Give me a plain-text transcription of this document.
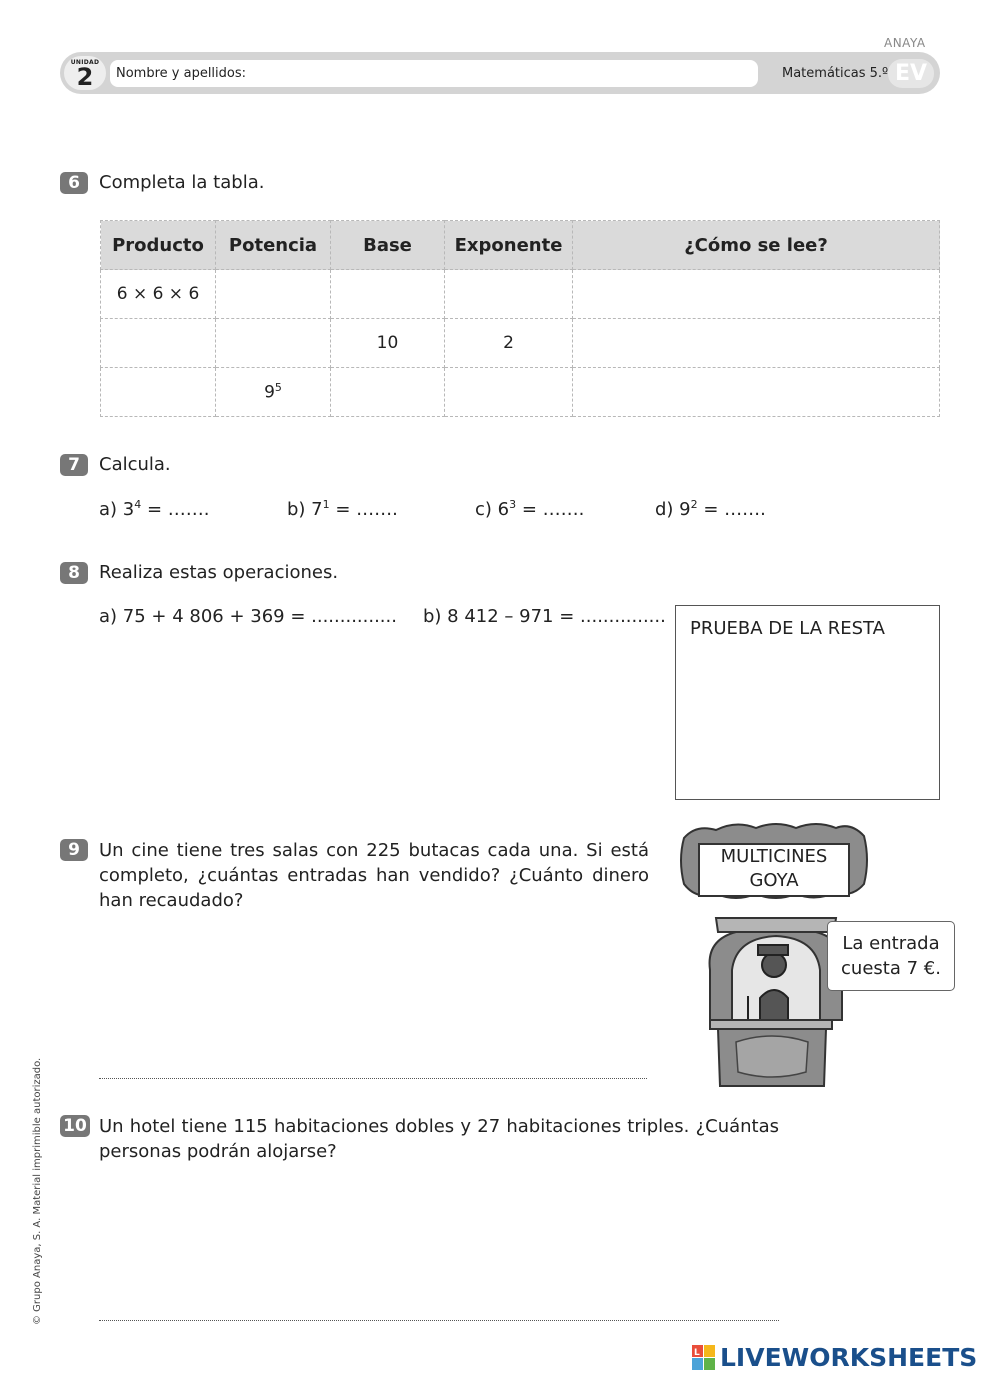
ANAYA
UNIDAD
2	Nombre y apellidos:	Matemáticas 5.º EV
6	Completa la tabla.
Producto	Potencia	Base	Exponente	¿Cómo se lee?
6 × 6 × 6				
		10	2	
	$9^5$			
7	Calcula.
a) $3^4$ = …….	b) $7^1$ = …….	c) $6^3$ = …….	d) $9^2$ = …….
8	Realiza estas operaciones.
a) 75 + 4 806 + 369 = ............... b) 8 412 – 971 = ...............
PRUEBA DE LA RESTA
9	Un cine tiene tres salas con 225 butacas cada una. Si está completo, ¿cuántas entradas han vendido? ¿Cuánto dinero han recaudado?
MULTICINES
GOYA
La entrada
cuesta 7 €.
10 Un hotel tiene 115 habitaciones dobles y 27 habitaciones triples. ¿Cuántas personas podrán alojarse?
© Grupo Anaya, S. A. Material imprimible autorizado.
L LIVEWORKSHEETS
